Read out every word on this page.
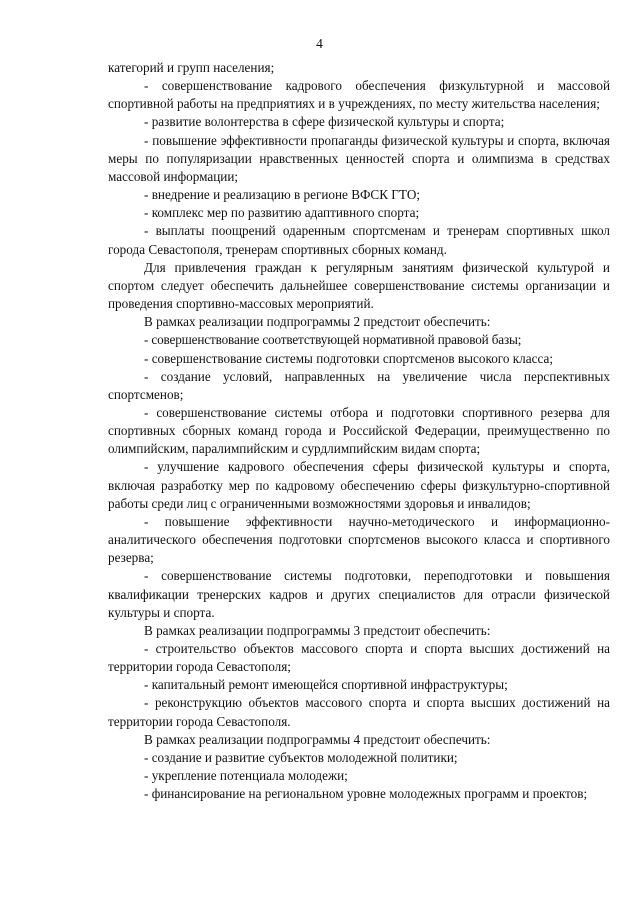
4

категорий и групп населения;

- совершенствование кадрового обеспечения физкультурной и массовой спортивной работы на предприятиях и в учреждениях, по месту жительства населения;

- развитие волонтерства в сфере физической культуры и спорта;

- повышение эффективности пропаганды физической культуры и спорта, включая меры по популяризации нравственных ценностей спорта и олимпизма в средствах массовой информации;

- внедрение и реализацию в регионе ВФСК ГТО;

- комплекс мер по развитию адаптивного спорта;

- выплаты поощрений одаренным спортсменам и тренерам спортивных школ города Севастополя, тренерам спортивных сборных команд.

Для привлечения граждан к регулярным занятиям физической культурой и спортом следует обеспечить дальнейшее совершенствование системы организации и проведения спортивно-массовых мероприятий.

В рамках реализации подпрограммы 2 предстоит обеспечить:

- совершенствование соответствующей нормативной правовой базы;

- совершенствование системы подготовки спортсменов высокого класса;

- создание условий, направленных на увеличение числа перспективных спортсменов;

- совершенствование системы отбора и подготовки спортивного резерва для спортивных сборных команд города и Российской Федерации, преимущественно по олимпийским, паралимпийским и сурдлимпийским видам спорта;

- улучшение кадрового обеспечения сферы физической культуры и спорта, включая разработку мер по кадровому обеспечению сферы физкультурно-спортивной работы среди лиц с ограниченными возможностями здоровья и инвалидов;

- повышение эффективности научно-методического и информационно-аналитического обеспечения подготовки спортсменов высокого класса и спортивного резерва;

- совершенствование системы подготовки, переподготовки и повышения квалификации тренерских кадров и других специалистов для отрасли физической культуры и спорта.

В рамках реализации подпрограммы 3 предстоит обеспечить:

- строительство объектов массового спорта и спорта высших достижений на территории города Севастополя;

- капитальный ремонт имеющейся спортивной инфраструктуры;

- реконструкцию объектов массового спорта и спорта высших достижений на территории города Севастополя.

В рамках реализации подпрограммы 4 предстоит обеспечить:

- создание и развитие субъектов молодежной политики;

- укрепление потенциала молодежи;

- финансирование на региональном уровне молодежных программ и проектов;
